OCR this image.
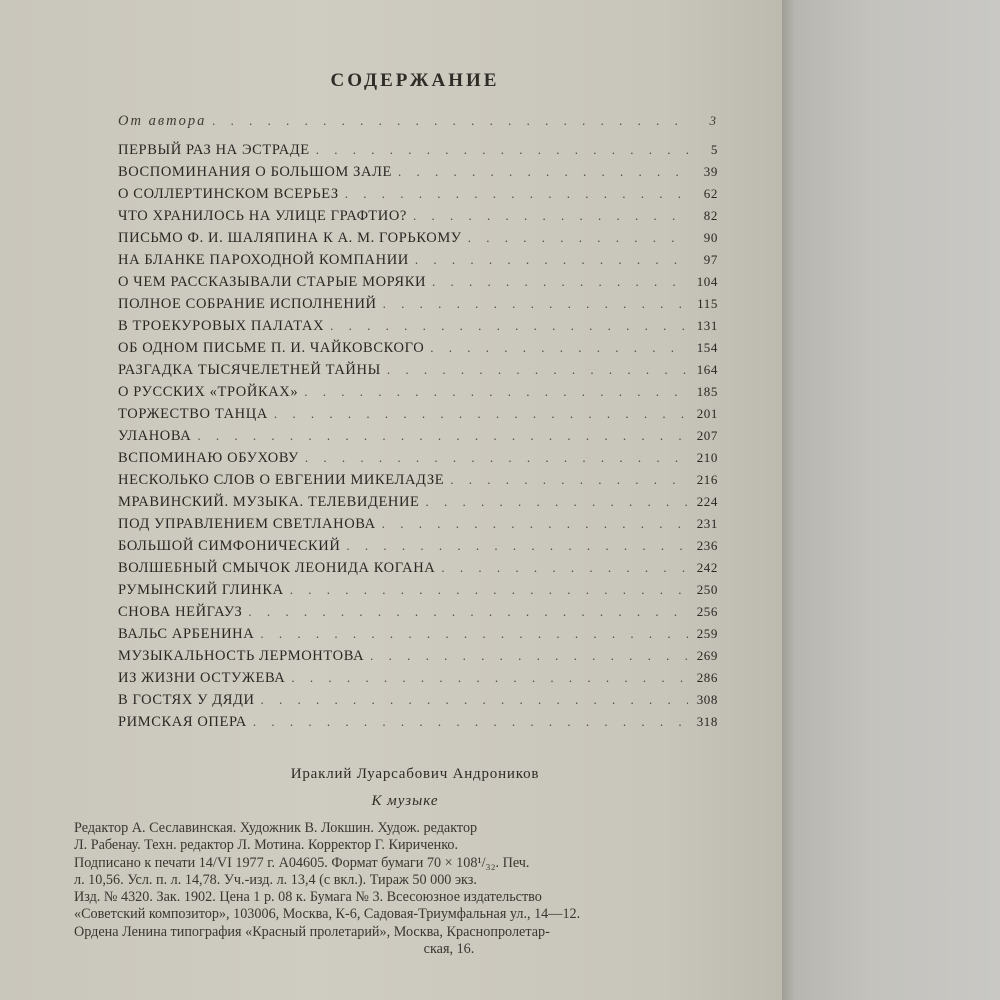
СОДЕРЖАНИЕ
От автора . . .	3
ПЕРВЫЙ РАЗ НА ЭСТРАДЕ . . .	5
ВОСПОМИНАНИЯ О БОЛЬШОМ ЗАЛЕ . . .	39
О СОЛЛЕРТИНСКОМ ВСЕРЬЕЗ . . .	62
ЧТО ХРАНИЛОСЬ НА УЛИЦЕ ГРАФТИО? . . .	82
ПИСЬМО Ф. И. ШАЛЯПИНА К А. М. ГОРЬКОМУ . . .	90
НА БЛАНКЕ ПАРОХОДНОЙ КОМПАНИИ . . .	97
О ЧЕМ РАССКАЗЫВАЛИ СТАРЫЕ МОРЯКИ . . .	104
ПОЛНОЕ СОБРАНИЕ ИСПОЛНЕНИЙ . . .	115
В ТРОЕКУРОВЫХ ПАЛАТАХ . . .	131
ОБ ОДНОМ ПИСЬМЕ П. И. ЧАЙКОВСКОГО . . .	154
РАЗГАДКА ТЫСЯЧЕЛЕТНЕЙ ТАЙНЫ . . .	164
О РУССКИХ «ТРОЙКАХ» . . .	185
ТОРЖЕСТВО ТАНЦА . . .	201
УЛАНОВА . . .	207
ВСПОМИНАЮ ОБУХОВУ . . .	210
НЕСКОЛЬКО СЛОВ О ЕВГЕНИИ МИКЕЛАДЗЕ . . .	216
МРАВИНСКИЙ. МУЗЫКА. ТЕЛЕВИДЕНИЕ . . .	224
ПОД УПРАВЛЕНИЕМ СВЕТЛАНОВА . . .	231
БОЛЬШОЙ СИМФОНИЧЕСКИЙ . . .	236
ВОЛШЕБНЫЙ СМЫЧОК ЛЕОНИДА КОГАНА . . .	242
РУМЫНСКИЙ ГЛИНКА . . .	250
СНОВА НЕЙГАУЗ . . .	256
ВАЛЬС АРБЕНИНА . . .	259
МУЗЫКАЛЬНОСТЬ ЛЕРМОНТОВА . . .	269
ИЗ ЖИЗНИ ОСТУЖЕВА . . .	286
В ГОСТЯХ У ДЯДИ . . .	308
РИМСКАЯ ОПЕРА . . .	318
Ираклий Луарсабович Андроников
К музыке
Редактор А. Сеславинская. Художник В. Локшин. Худож. редактор
Л. Рабенау. Техн. редактор Л. Мотина. Корректор Г. Кириченко.
Подписано к печати 14/VI 1977 г. А04605. Формат бумаги 70 × 108¹/₃₂. Печ.
л. 10,56. Усл. п. л. 14,78. Уч.-изд. л. 13,4 (с вкл.). Тираж 50 000 экз.
Изд. № 4320. Зак. 1902. Цена 1 р. 08 к. Бумага № 3. Всесоюзное издательство
«Советский композитор», 103006, Москва, К-6, Садовая-Триумфальная ул., 14—12.
Ордена Ленина типография «Красный пролетарий», Москва, Краснопролетар-
ская, 16.
